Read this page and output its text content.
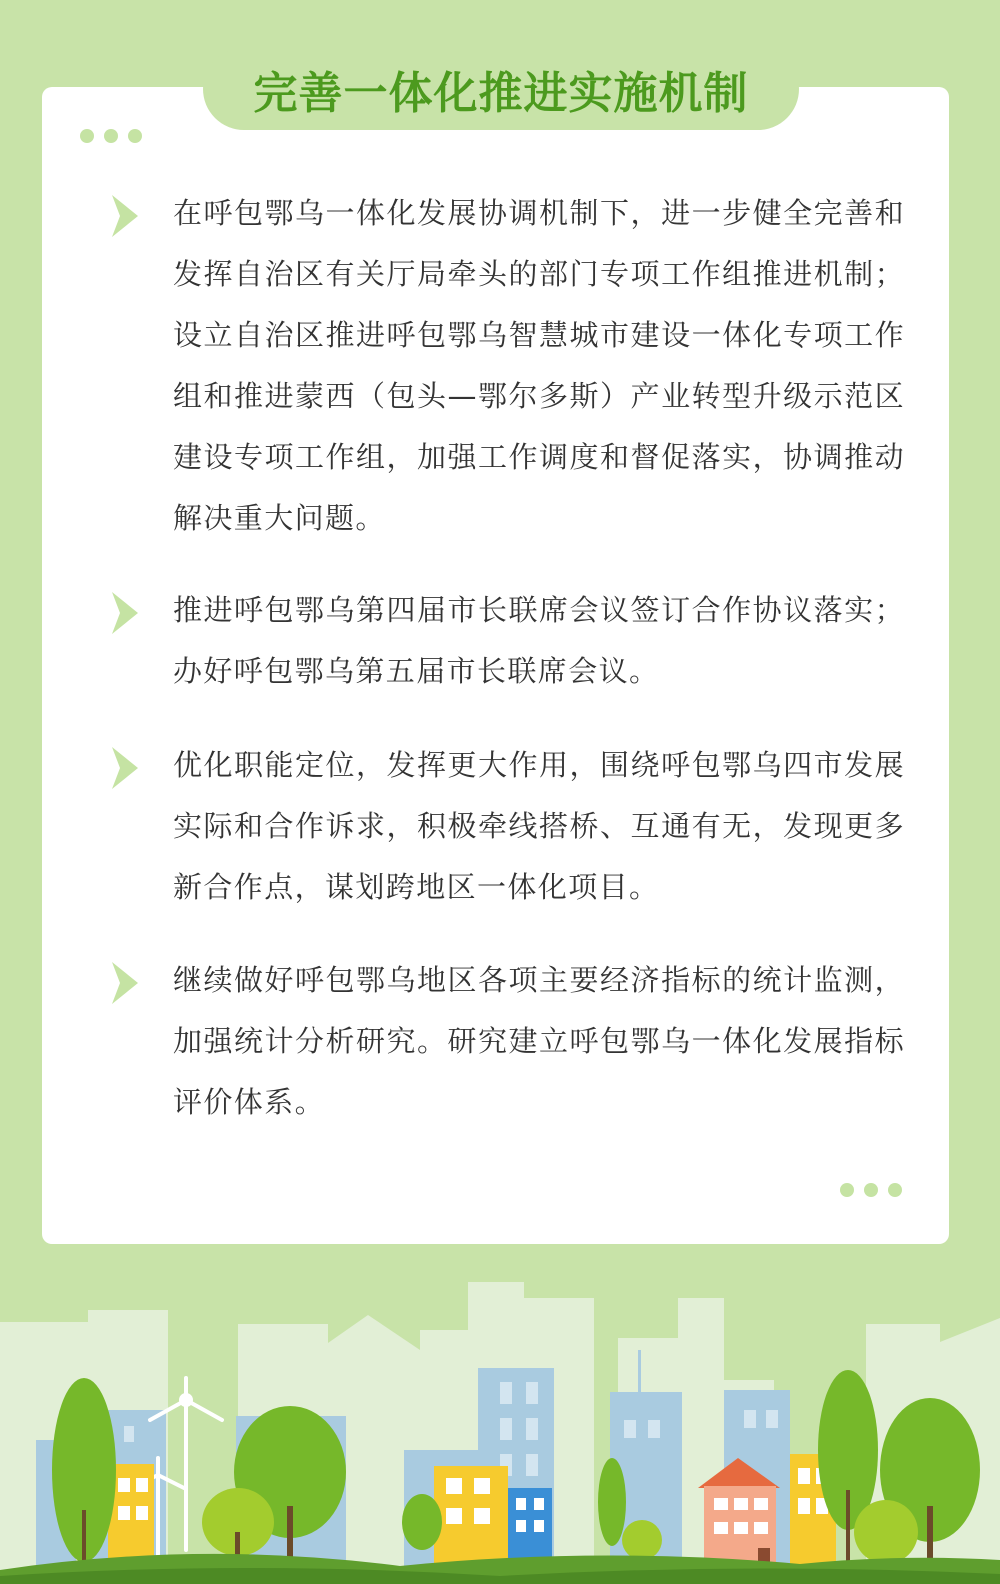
完善一体化推进实施机制

在呼包鄂乌一体化发展协调机制下，进一步健全完善和发挥自治区有关厅局牵头的部门专项工作组推进机制；设立自治区推进呼包鄂乌智慧城市建设一体化专项工作组和推进蒙西（包头—鄂尔多斯）产业转型升级示范区建设专项工作组，加强工作调度和督促落实，协调推动解决重大问题。

推进呼包鄂乌第四届市长联席会议签订合作协议落实；办好呼包鄂乌第五届市长联席会议。

优化职能定位，发挥更大作用，围绕呼包鄂乌四市发展实际和合作诉求，积极牵线搭桥、互通有无，发现更多新合作点，谋划跨地区一体化项目。

继续做好呼包鄂乌地区各项主要经济指标的统计监测，加强统计分析研究。研究建立呼包鄂乌一体化发展指标评价体系。
